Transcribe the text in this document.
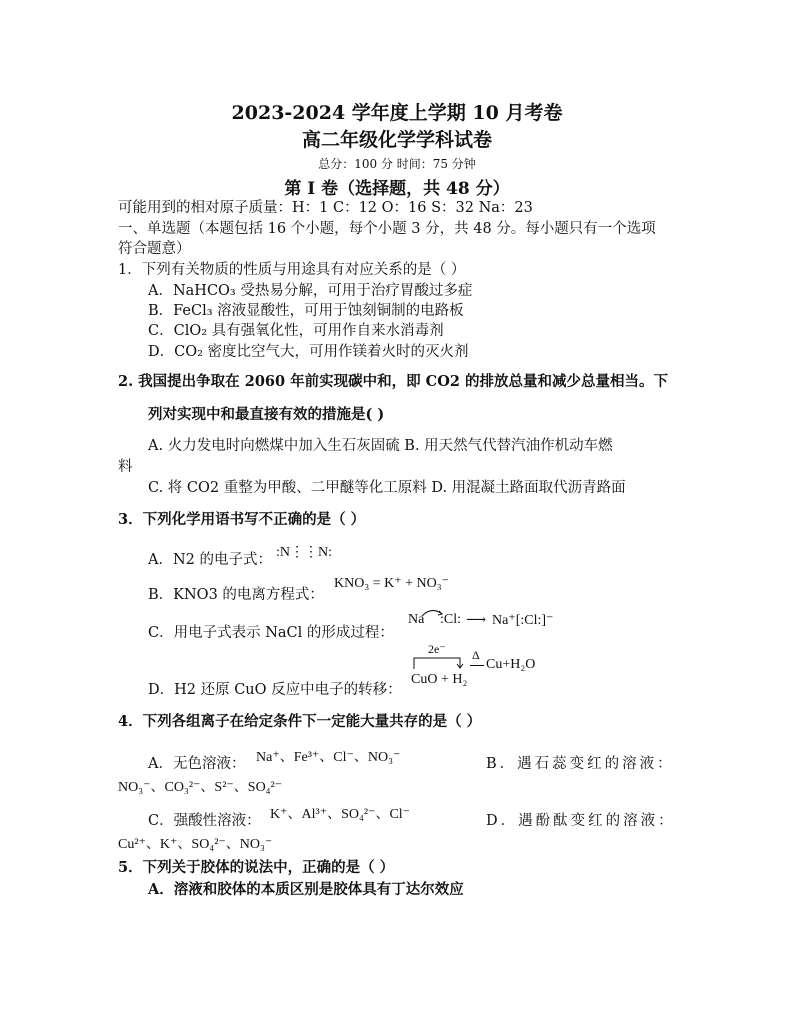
2023-2024 学年度上学期 10 月考卷
高二年级化学学科试卷
总分：100 分 时间：75 分钟
第 I 卷（选择题，共 48 分）
可能用到的相对原子质量：H：1 C：12 O：16 S：32 Na：23
一、单选题（本题包括 16 个小题，每个小题 3 分，共 48 分。每小题只有一个选项
符合题意）
1．下列有关物质的性质与用途具有对应关系的是（ ）
A．NaHCO₃ 受热易分解，可用于治疗胃酸过多症
B．FeCl₃ 溶液显酸性，可用于蚀刻铜制的电路板
C．ClO₂ 具有强氧化性，可用作自来水消毒剂
D．CO₂ 密度比空气大，可用作镁着火时的灭火剂
2. 我国提出争取在 2060 年前实现碳中和，即 CO2 的排放总量和减少总量相当。下
列对实现中和最直接有效的措施是( )
A. 火力发电时向燃煤中加入生石灰固硫 B. 用天然气代替汽油作机动车燃
料
C. 将 CO2 重整为甲酸、二甲醚等化工原料 D. 用混凝土路面取代沥青路面
3．下列化学用语书写不正确的是（ ）
A．N2 的电子式： :N⋮⋮N:
B．KNO3 的电离方程式：
KNO₃ = K⁺ + NO₃⁻
C．用电子式表示 NaCl 的形成过程：
Na :Cl: ⟶ Na⁺[:Cl:]⁻
D．H2 还原 CuO 反应中电子的转移：
2e⁻
CuO + H₂
Δ
Cu+H₂O
4．下列各组离子在给定条件下一定能大量共存的是（ ）
A．无色溶液： Na⁺、Fe³⁺、Cl⁻、NO₃⁻	B．遇石蕊变红的溶液：
NO₃⁻、CO₃²⁻、S²⁻、SO₄²⁻
C．强酸性溶液： K⁺、Al³⁺、SO₄²⁻、Cl⁻	D．遇酚酞变红的溶液：
Cu²⁺、K⁺、SO₄²⁻、NO₃⁻
5．下列关于胶体的说法中，正确的是（ ）
A．溶液和胶体的本质区别是胶体具有丁达尔效应
